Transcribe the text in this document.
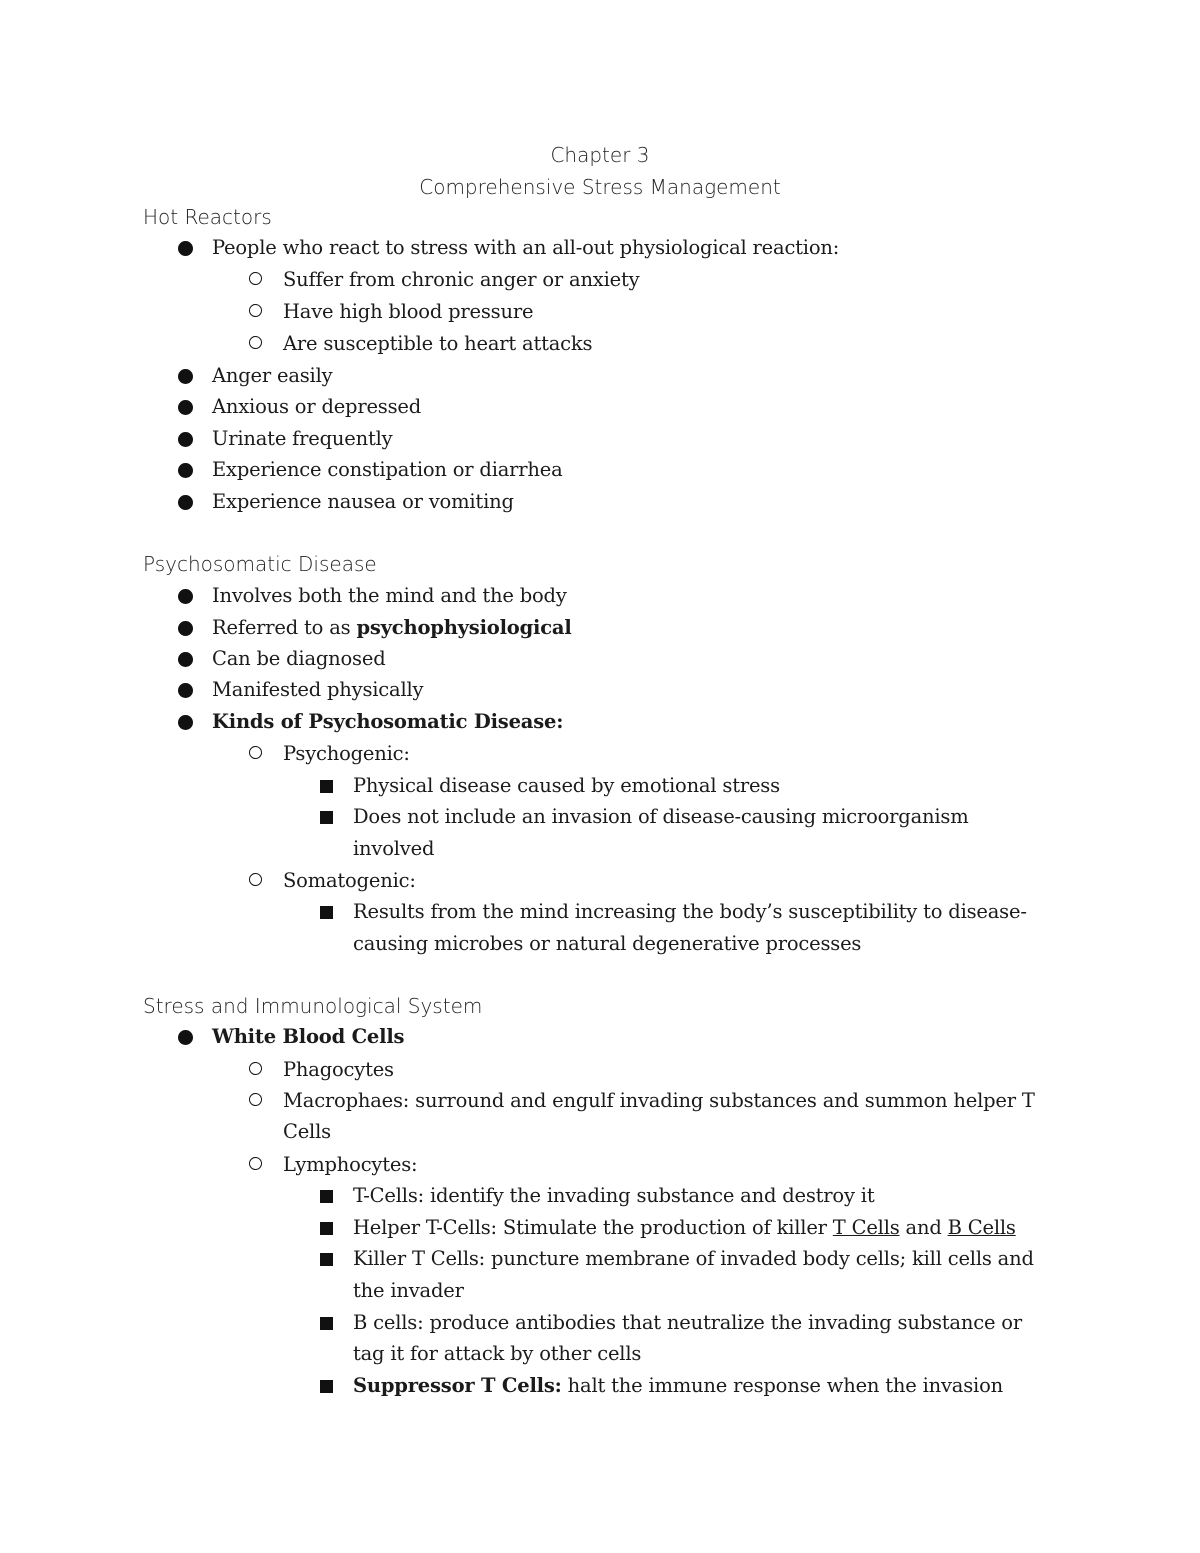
Chapter 3
Comprehensive Stress Management
Hot Reactors
People who react to stress with an all-out physiological reaction:
Suffer from chronic anger or anxiety
Have high blood pressure
Are susceptible to heart attacks
Anger easily
Anxious or depressed
Urinate frequently
Experience constipation or diarrhea
Experience nausea or vomiting
Psychosomatic Disease
Involves both the mind and the body
Referred to as psychophysiological
Can be diagnosed
Manifested physically
Kinds of Psychosomatic Disease:
Psychogenic:
Physical disease caused by emotional stress
Does not include an invasion of disease-causing microorganism
involved
Somatogenic:
Results from the mind increasing the body’s susceptibility to disease-
causing microbes or natural degenerative processes
Stress and Immunological System
White Blood Cells
Phagocytes
Macrophaes: surround and engulf invading substances and summon helper T
Cells
Lymphocytes:
T-Cells: identify the invading substance and destroy it
Helper T-Cells: Stimulate the production of killer T Cells and B Cells
Killer T Cells: puncture membrane of invaded body cells; kill cells and
the invader
B cells: produce antibodies that neutralize the invading substance or
tag it for attack by other cells
Suppressor T Cells: halt the immune response when the invasion
